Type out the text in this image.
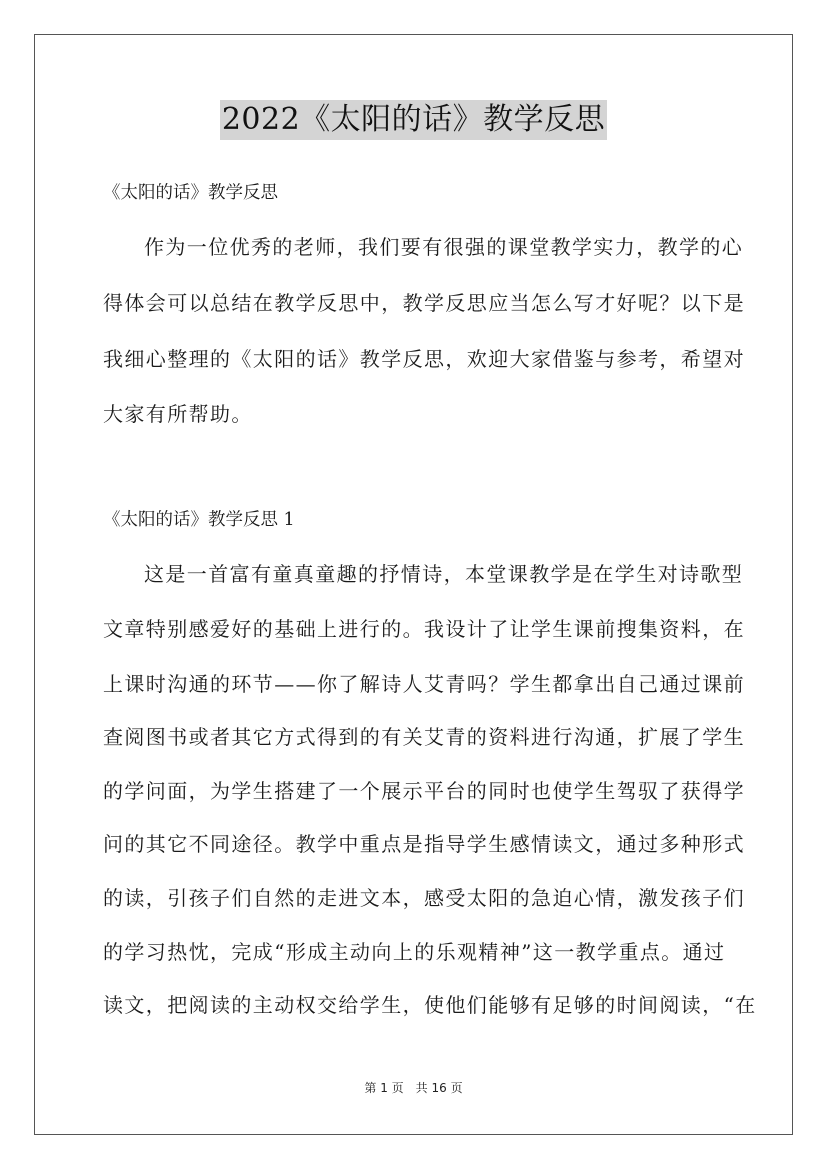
2022《太阳的话》教学反思
《太阳的话》教学反思
作为一位优秀的老师，我们要有很强的课堂教学实力，教学的心
得体会可以总结在教学反思中，教学反思应当怎么写才好呢？以下是
我细心整理的《太阳的话》教学反思，欢迎大家借鉴与参考，希望对
大家有所帮助。
《太阳的话》教学反思 1
这是一首富有童真童趣的抒情诗，本堂课教学是在学生对诗歌型
文章特别感爱好的基础上进行的。我设计了让学生课前搜集资料，在
上课时沟通的环节——你了解诗人艾青吗？学生都拿出自己通过课前
查阅图书或者其它方式得到的有关艾青的资料进行沟通，扩展了学生
的学问面，为学生搭建了一个展示平台的同时也使学生驾驭了获得学
问的其它不同途径。教学中重点是指导学生感情读文，通过多种形式
的读，引孩子们自然的走进文本，感受太阳的急迫心情，激发孩子们
的学习热忱，完成“形成主动向上的乐观精神”这一教学重点。通过
读文，把阅读的主动权交给学生，使他们能够有足够的时间阅读，“在
第 1 页 共 16 页
